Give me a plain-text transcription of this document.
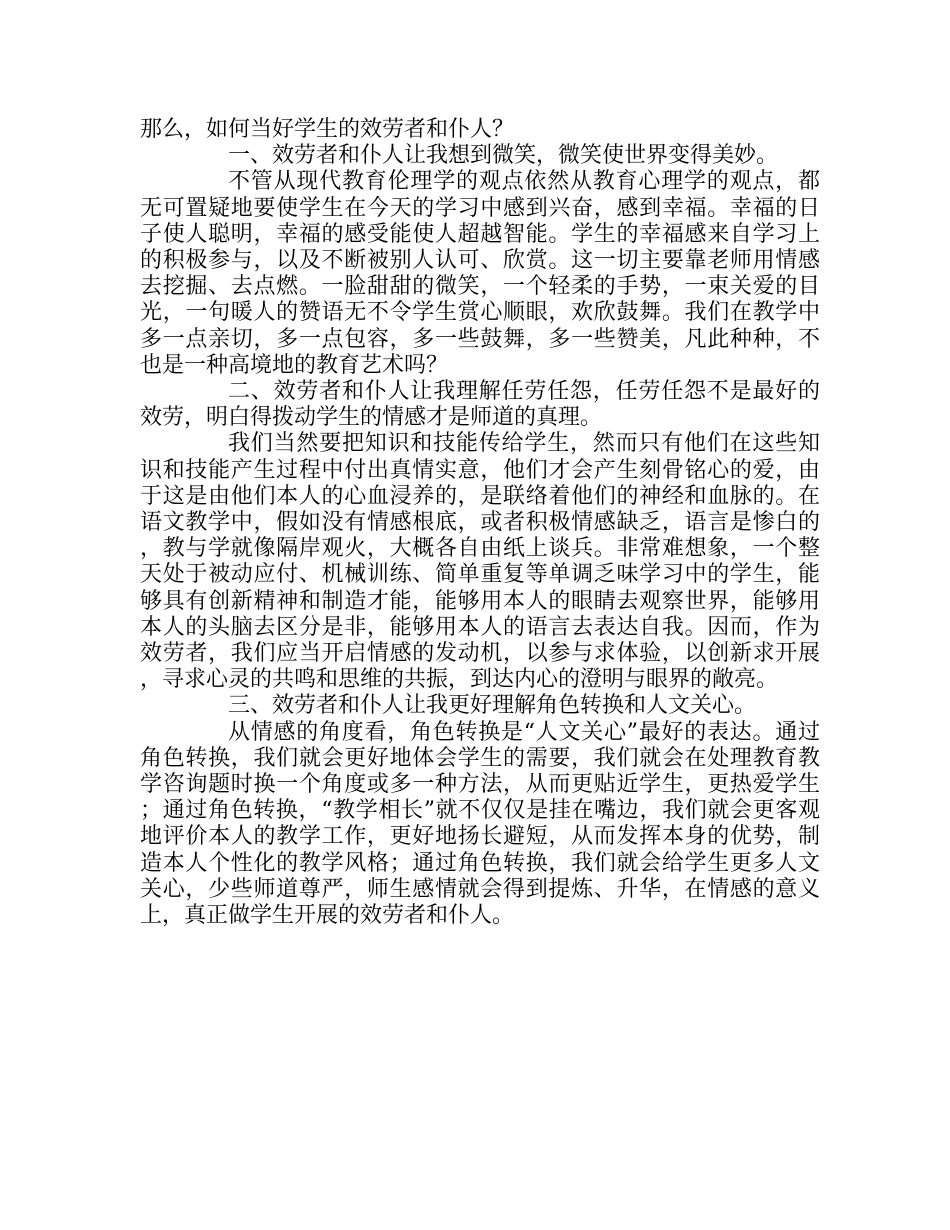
那么，如何当好学生的效劳者和仆人？

一、效劳者和仆人让我想到微笑，微笑使世界变得美妙。

不管从现代教育伦理学的观点依然从教育心理学的观点，都无可置疑地要使学生在今天的学习中感到兴奋，感到幸福。幸福的日子使人聪明，幸福的感受能使人超越智能。学生的幸福感来自学习上的积极参与，以及不断被别人认可、欣赏。这一切主要靠老师用情感去挖掘、去点燃。一脸甜甜的微笑，一个轻柔的手势，一束关爱的目光，一句暖人的赞语无不令学生赏心顺眼，欢欣鼓舞。我们在教学中多一点亲切，多一点包容，多一些鼓舞，多一些赞美，凡此种种，不也是一种高境地的教育艺术吗？

二、效劳者和仆人让我理解任劳任怨，任劳任怨不是最好的效劳，明白得拨动学生的情感才是师道的真理。

我们当然要把知识和技能传给学生，然而只有他们在这些知识和技能产生过程中付出真情实意，他们才会产生刻骨铭心的爱，由于这是由他们本人的心血浸养的，是联络着他们的神经和血脉的。在语文教学中，假如没有情感根底，或者积极情感缺乏，语言是惨白的，教与学就像隔岸观火，大概各自由纸上谈兵。非常难想象，一个整天处于被动应付、机械训练、简单重复等单调乏味学习中的学生，能够具有创新精神和制造才能，能够用本人的眼睛去观察世界，能够用本人的头脑去区分是非，能够用本人的语言去表达自我。因而，作为效劳者，我们应当开启情感的发动机，以参与求体验，以创新求开展，寻求心灵的共鸣和思维的共振，到达内心的澄明与眼界的敞亮。

三、效劳者和仆人让我更好理解角色转换和人文关心。

从情感的角度看，角色转换是“人文关心”最好的表达。通过角色转换，我们就会更好地体会学生的需要，我们就会在处理教育教学咨询题时换一个角度或多一种方法，从而更贴近学生，更热爱学生；通过角色转换，“教学相长”就不仅仅是挂在嘴边，我们就会更客观地评价本人的教学工作，更好地扬长避短，从而发挥本身的优势，制造本人个性化的教学风格；通过角色转换，我们就会给学生更多人文关心，少些师道尊严，师生感情就会得到提炼、升华，在情感的意义上，真正做学生开展的效劳者和仆人。
